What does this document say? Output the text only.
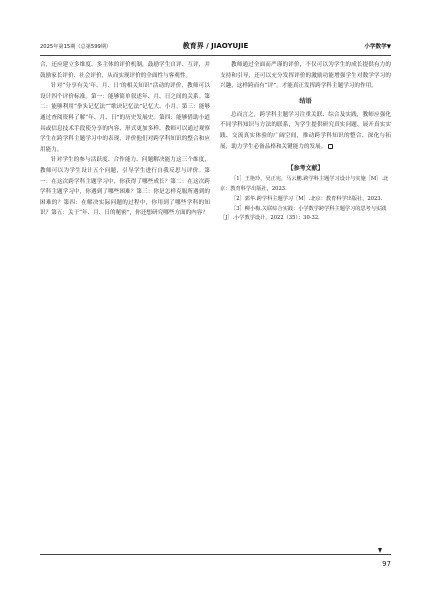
2025年第15期（总第599期）	教育界 / JIAOYUJIE	小学数学▼

合，还应建立多维度、多主体的评价机制，鼓励学生自评、互评，并鼓励家长评价、社会评价，从而实现评价的全面性与客观性。

针对“分享有关‘年、月、日’的相关知识”活动的评价，教师可以设计四个评价标准。第一：能够简单叙述年、月、日之间的关系。第二：能够利用“拳头记忆法”“歌诀记忆法”记忆大、小月。第三：能够通过查阅资料了解“年、月、日”的历史发展史。第四：能够借助小道具或信息技术手段使分享的内容、形式更加多样。教师可以通过观察学生在跨学科主题学习中的表现，评价他们对跨学科知识的整合和应用能力。

针对学生的参与活跃度、合作能力、问题解决能力这三个维度，教师可以为学生设计五个问题，引导学生进行自我反思与评价。第一：在这次跨学科主题学习中，你获得了哪些成长？第二：在这次跨学科主题学习中，你遇到了哪些困难？第三：你是怎样克服所遇到的困难的？第四：在解决实际问题的过程中，你用到了哪些学科的知识？第五：关于“年、月、日的秘密”，你还想研究哪些方面的内容？

教师通过全面而严谨的评价，不仅可以为学生的成长提供有力的支持和引导，还可以充分发挥评价的激励功能增强学生对数学学习的兴趣，这样跨而有“评”，才能真正发挥跨学科主题学习的作用。

结语

总而言之，跨学科主题学习注重关联、综合及实践，教师应强化不同学科知识与方法的联系，为学生提供研究真实问题、展开真实实践、交流真实体验的广阔空间，推动跨学科知识的整合、深化与拓展，助力学生必备品格和关键能力的发展。

【参考文献】

［1］王艳玲，吴正宪，马云鹏.跨学科主题学习设计与实施［M］.北京：教育科学出版社，2023.

［2］郭华.跨学科主题学习［M］.北京：教育科学出版社，2023.

［3］柳小梅.关联综合实践：小学数学跨学科主题学习的思考与实践［J］.小学教学设计，2022（35）：30-32.

97
